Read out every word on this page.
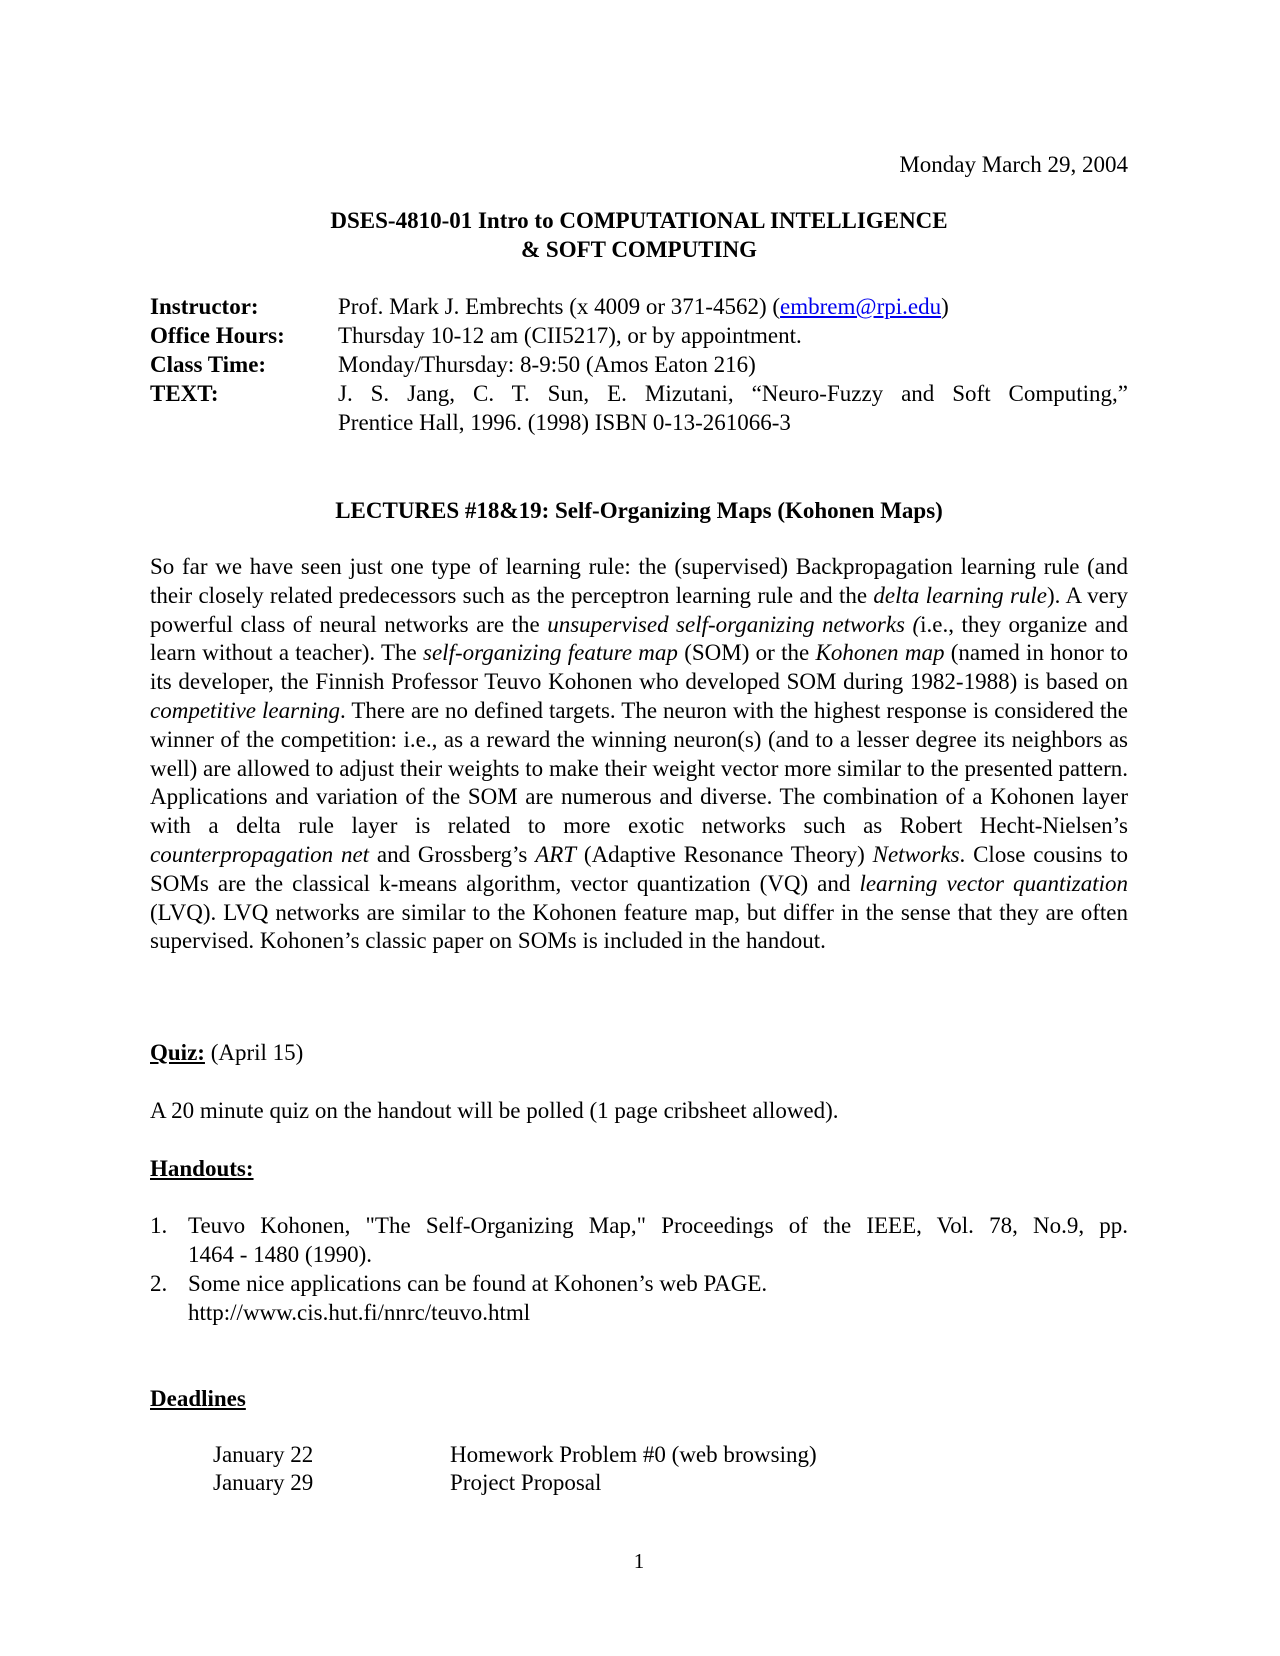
Monday March 29, 2004
DSES-4810-01 Intro to COMPUTATIONAL INTELLIGENCE
& SOFT COMPUTING
Instructor:	Prof. Mark J. Embrechts (x 4009 or 371-4562) (embrem@rpi.edu)
Office Hours:	Thursday 10-12 am (CII5217), or by appointment.
Class Time:	Monday/Thursday: 8-9:50 (Amos Eaton 216)
TEXT:	J. S. Jang, C. T. Sun, E. Mizutani, “Neuro-Fuzzy and Soft Computing,”
Prentice Hall, 1996. (1998) ISBN 0-13-261066-3
LECTURES #18&19: Self-Organizing Maps (Kohonen Maps)
So far we have seen just one type of learning rule: the (supervised) Backpropagation learning rule (and their closely related predecessors such as the perceptron learning rule and the delta learning rule). A very powerful class of neural networks are the unsupervised self-organizing networks (i.e., they organize and learn without a teacher). The self-organizing feature map (SOM) or the Kohonen map (named in honor to its developer, the Finnish Professor Teuvo Kohonen who developed SOM during 1982-1988) is based on competitive learning. There are no defined targets. The neuron with the highest response is considered the winner of the competition: i.e., as a reward the winning neuron(s) (and to a lesser degree its neighbors as well) are allowed to adjust their weights to make their weight vector more similar to the presented pattern. Applications and variation of the SOM are numerous and diverse. The combination of a Kohonen layer with a delta rule layer is related to more exotic networks such as Robert Hecht-Nielsen’s counterpropagation net and Grossberg’s ART (Adaptive Resonance Theory) Networks. Close cousins to SOMs are the classical k-means algorithm, vector quantization (VQ) and learning vector quantization (LVQ). LVQ networks are similar to the Kohonen feature map, but differ in the sense that they are often supervised. Kohonen’s classic paper on SOMs is included in the handout.
Quiz: (April 15)
A 20 minute quiz on the handout will be polled (1 page cribsheet allowed).
Handouts:
1. Teuvo Kohonen, "The Self-Organizing Map," Proceedings of the IEEE, Vol. 78, No.9, pp.
1464 - 1480 (1990).
2. Some nice applications can be found at Kohonen’s web PAGE.
http://www.cis.hut.fi/nnrc/teuvo.html
Deadlines
January 22	Homework Problem #0 (web browsing)
January 29	Project Proposal
1
